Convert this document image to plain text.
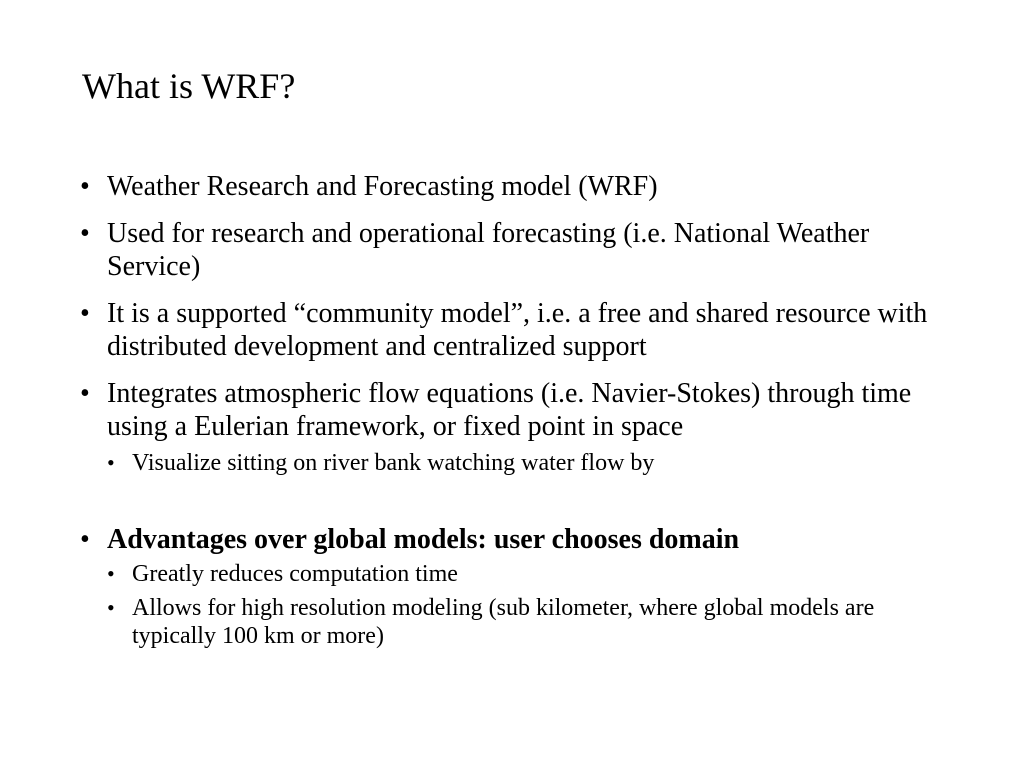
What is WRF?
• Weather Research and Forecasting model (WRF)
• Used for research and operational forecasting (i.e. National Weather Service)
• It is a supported “community model”, i.e. a free and shared resource with distributed development and centralized support
• Integrates atmospheric flow equations (i.e. Navier-Stokes) through time using a Eulerian framework, or fixed point in space
• Visualize sitting on river bank watching water flow by
• Advantages over global models: user chooses domain
• Greatly reduces computation time
• Allows for high resolution modeling (sub kilometer, where global models are typically 100 km or more)
